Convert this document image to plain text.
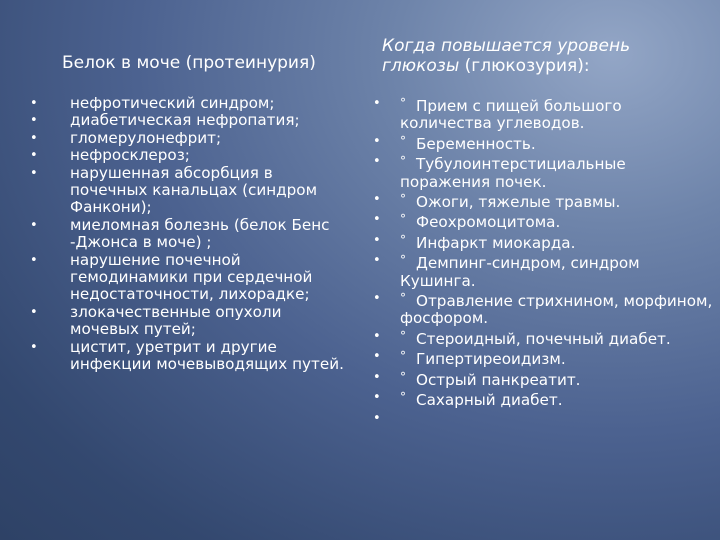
Белок в моче (протеинурия)
• нефротический синдром;
• диабетическая нефропатия;
• гломерулонефрит;
• нефросклероз;
• нарушенная абсорбция в почечных канальцах (синдром Фанкони);
• миеломная болезнь (белок Бенс -Джонса в моче) ;
• нарушение почечной гемодинамики при сердечной недостаточности, лихорадке;
• злокачественные опухоли мочевых путей;
• цистит, уретрит и другие инфекции мочевыводящих путей.
Когда повышается уровень
глюкозы (глюкозурия):
• ° Прием с пищей большого количества углеводов.
• ° Беременность.
• ° Тубулоинтерстициальные поражения почек.
• ° Ожоги, тяжелые травмы.
• ° Феохромоцитома.
• ° Инфаркт миокарда.
• ° Демпинг-синдром, синдром Кушинга.
• ° Отравление стрихнином, морфином, фосфором.
• ° Стероидный, почечный диабет.
• ° Гипертиреоидизм.
• ° Острый панкреатит.
• ° Сахарный диабет.
•
